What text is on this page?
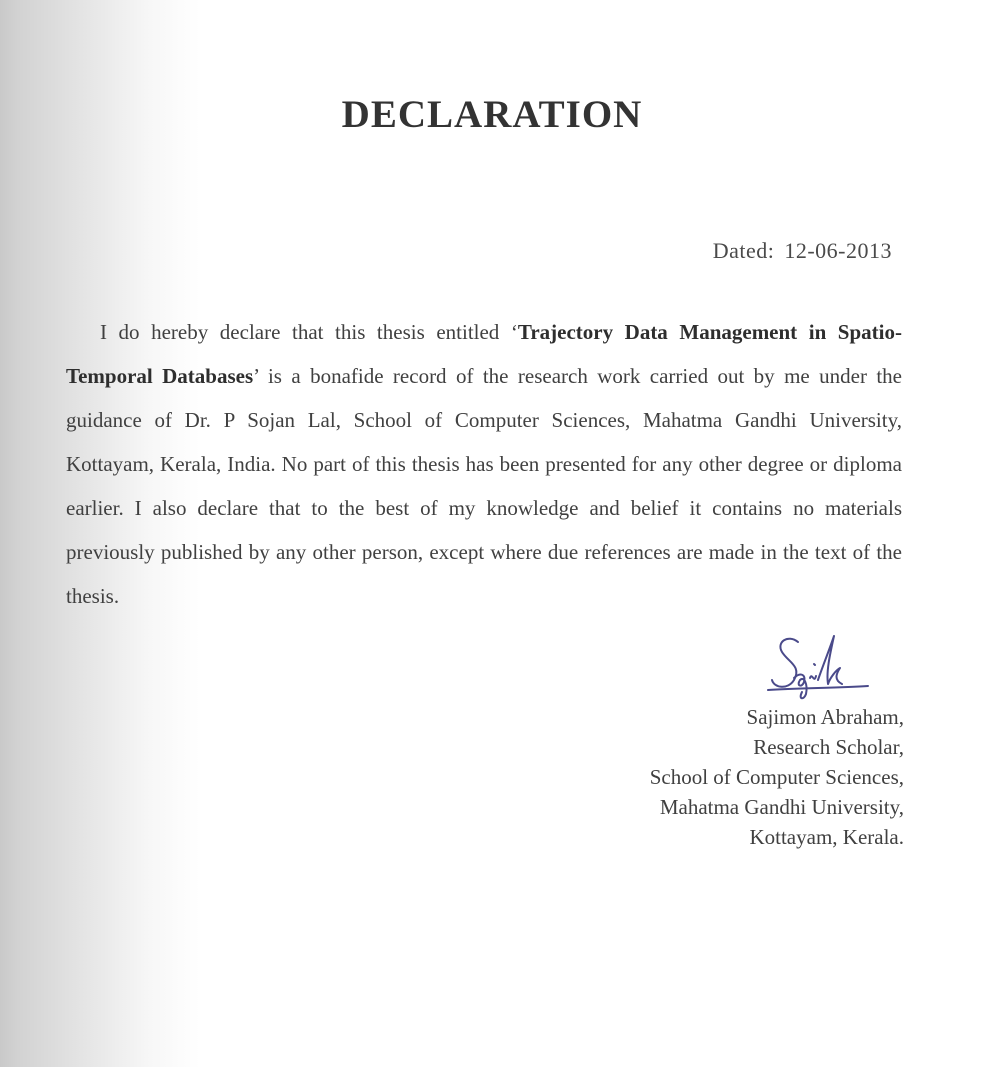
DECLARATION
Dated: 12-06-2013

I do hereby declare that this thesis entitled ‘Trajectory Data Management in Spatio-Temporal Databases’ is a bonafide record of the research work carried out by me under the guidance of Dr. P Sojan Lal, School of Computer Sciences, Mahatma Gandhi University, Kottayam, Kerala, India. No part of this thesis has been presented for any other degree or diploma earlier. I also declare that to the best of my knowledge and belief it contains no materials previously published by any other person, except where due references are made in the text of the thesis.

Sajimon Abraham,
Research Scholar,
School of Computer Sciences,
Mahatma Gandhi University,
Kottayam, Kerala.
